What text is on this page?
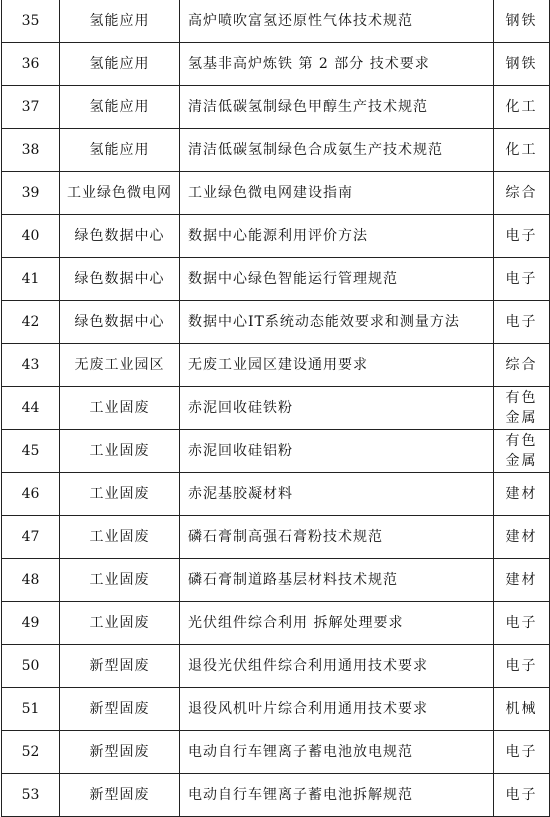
35	氢能应用	高炉喷吹富氢还原性气体技术规范	钢铁
36	氢能应用	氢基非高炉炼铁 第 2 部分 技术要求	钢铁
37	氢能应用	清洁低碳氢制绿色甲醇生产技术规范	化工
38	氢能应用	清洁低碳氢制绿色合成氨生产技术规范	化工
39	工业绿色微电网	工业绿色微电网建设指南	综合
40	绿色数据中心	数据中心能源利用评价方法	电子
41	绿色数据中心	数据中心绿色智能运行管理规范	电子
42	绿色数据中心	数据中心IT系统动态能效要求和测量方法	电子
43	无废工业园区	无废工业园区建设通用要求	综合
44	工业固废	赤泥回收硅铁粉	有色金属
45	工业固废	赤泥回收硅铝粉	有色金属
46	工业固废	赤泥基胶凝材料	建材
47	工业固废	磷石膏制高强石膏粉技术规范	建材
48	工业固废	磷石膏制道路基层材料技术规范	建材
49	工业固废	光伏组件综合利用 拆解处理要求	电子
50	新型固废	退役光伏组件综合利用通用技术要求	电子
51	新型固废	退役风机叶片综合利用通用技术要求	机械
52	新型固废	电动自行车锂离子蓄电池放电规范	电子
53	新型固废	电动自行车锂离子蓄电池拆解规范	电子
